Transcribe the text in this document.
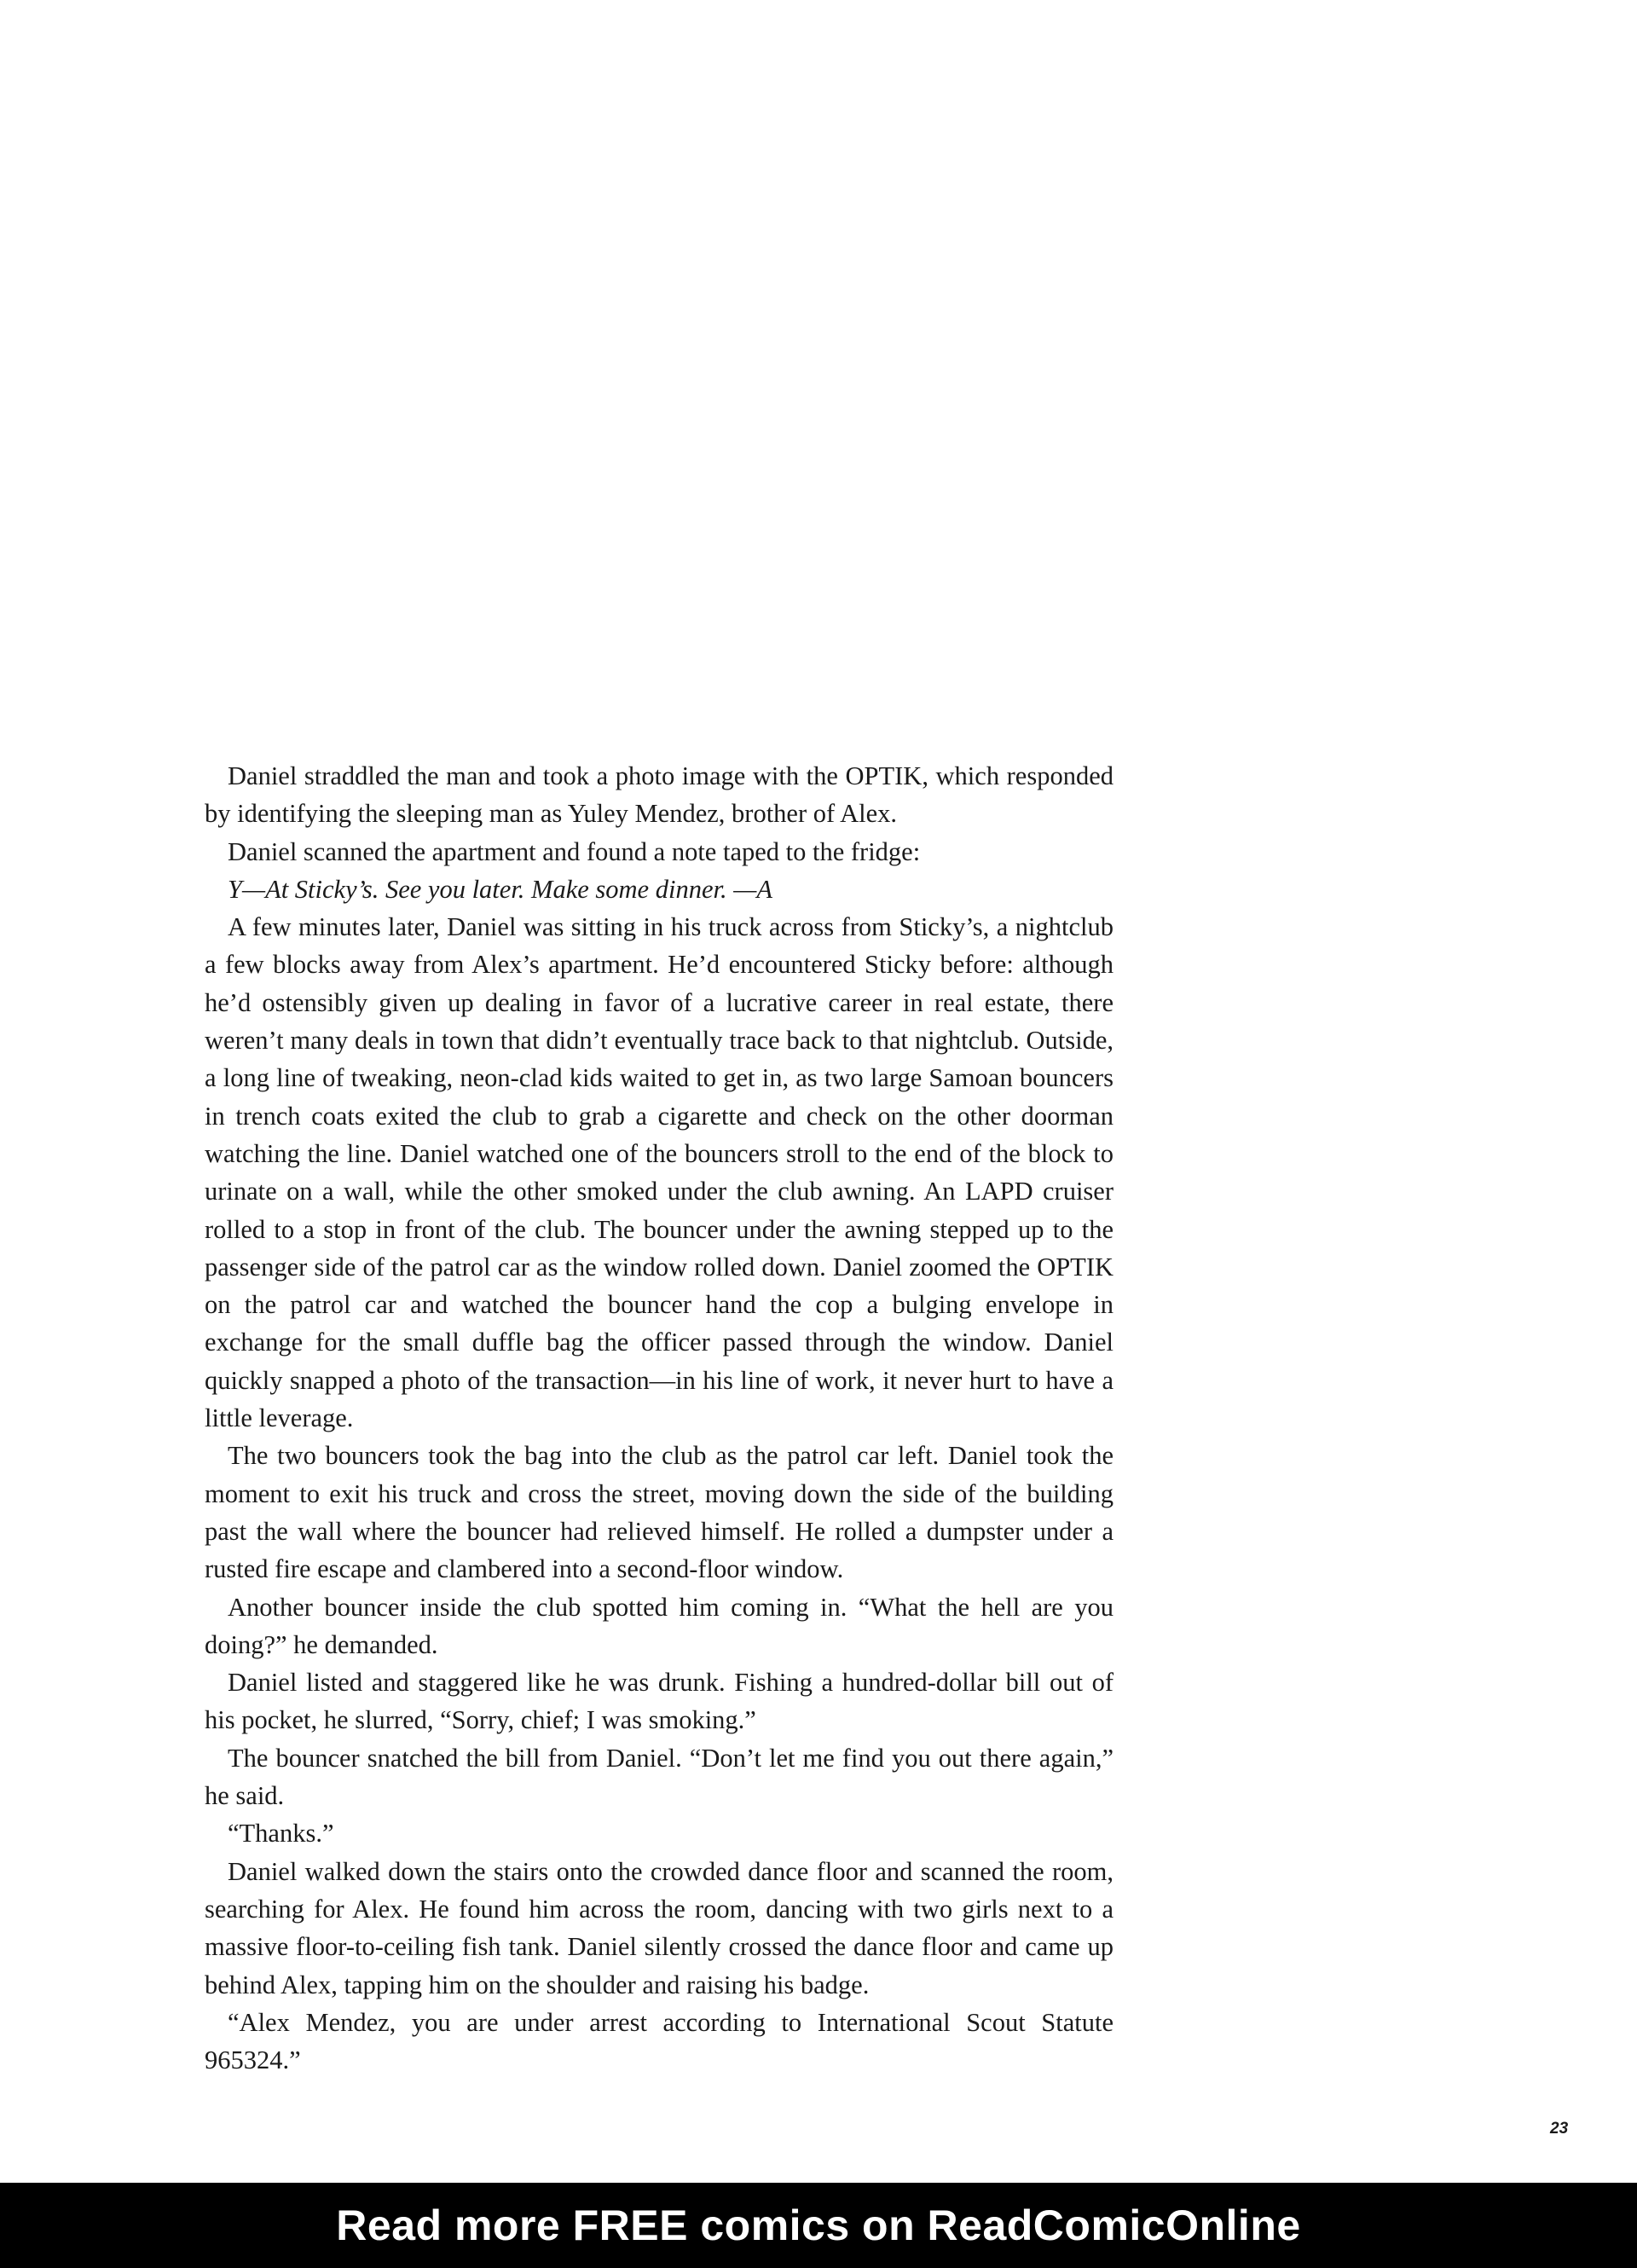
Daniel straddled the man and took a photo image with the OPTIK, which responded by identifying the sleeping man as Yuley Mendez, brother of Alex.

Daniel scanned the apartment and found a note taped to the fridge:

Y—At Sticky’s. See you later. Make some dinner. —A

A few minutes later, Daniel was sitting in his truck across from Sticky’s, a nightclub a few blocks away from Alex’s apartment. He’d encountered Sticky before: although he’d ostensibly given up dealing in favor of a lucrative career in real estate, there weren’t many deals in town that didn’t eventually trace back to that nightclub. Outside, a long line of tweaking, neon-clad kids waited to get in, as two large Samoan bouncers in trench coats exited the club to grab a cigarette and check on the other doorman watching the line. Daniel watched one of the bouncers stroll to the end of the block to urinate on a wall, while the other smoked under the club awning. An LAPD cruiser rolled to a stop in front of the club. The bouncer under the awning stepped up to the passenger side of the patrol car as the window rolled down. Daniel zoomed the OPTIK on the patrol car and watched the bouncer hand the cop a bulging envelope in exchange for the small duffle bag the officer passed through the window. Daniel quickly snapped a photo of the transaction—in his line of work, it never hurt to have a little leverage.

The two bouncers took the bag into the club as the patrol car left. Daniel took the moment to exit his truck and cross the street, moving down the side of the building past the wall where the bouncer had relieved himself. He rolled a dumpster under a rusted fire escape and clambered into a second-floor window.

Another bouncer inside the club spotted him coming in. “What the hell are you doing?” he demanded.

Daniel listed and staggered like he was drunk. Fishing a hundred-dollar bill out of his pocket, he slurred, “Sorry, chief; I was smoking.”

The bouncer snatched the bill from Daniel. “Don’t let me find you out there again,” he said.

“Thanks.”

Daniel walked down the stairs onto the crowded dance floor and scanned the room, searching for Alex. He found him across the room, dancing with two girls next to a massive floor-to-ceiling fish tank. Daniel silently crossed the dance floor and came up behind Alex, tapping him on the shoulder and raising his badge.

“Alex Mendez, you are under arrest according to International Scout Statute 965324.”

23
Read more FREE comics on ReadComicOnline
